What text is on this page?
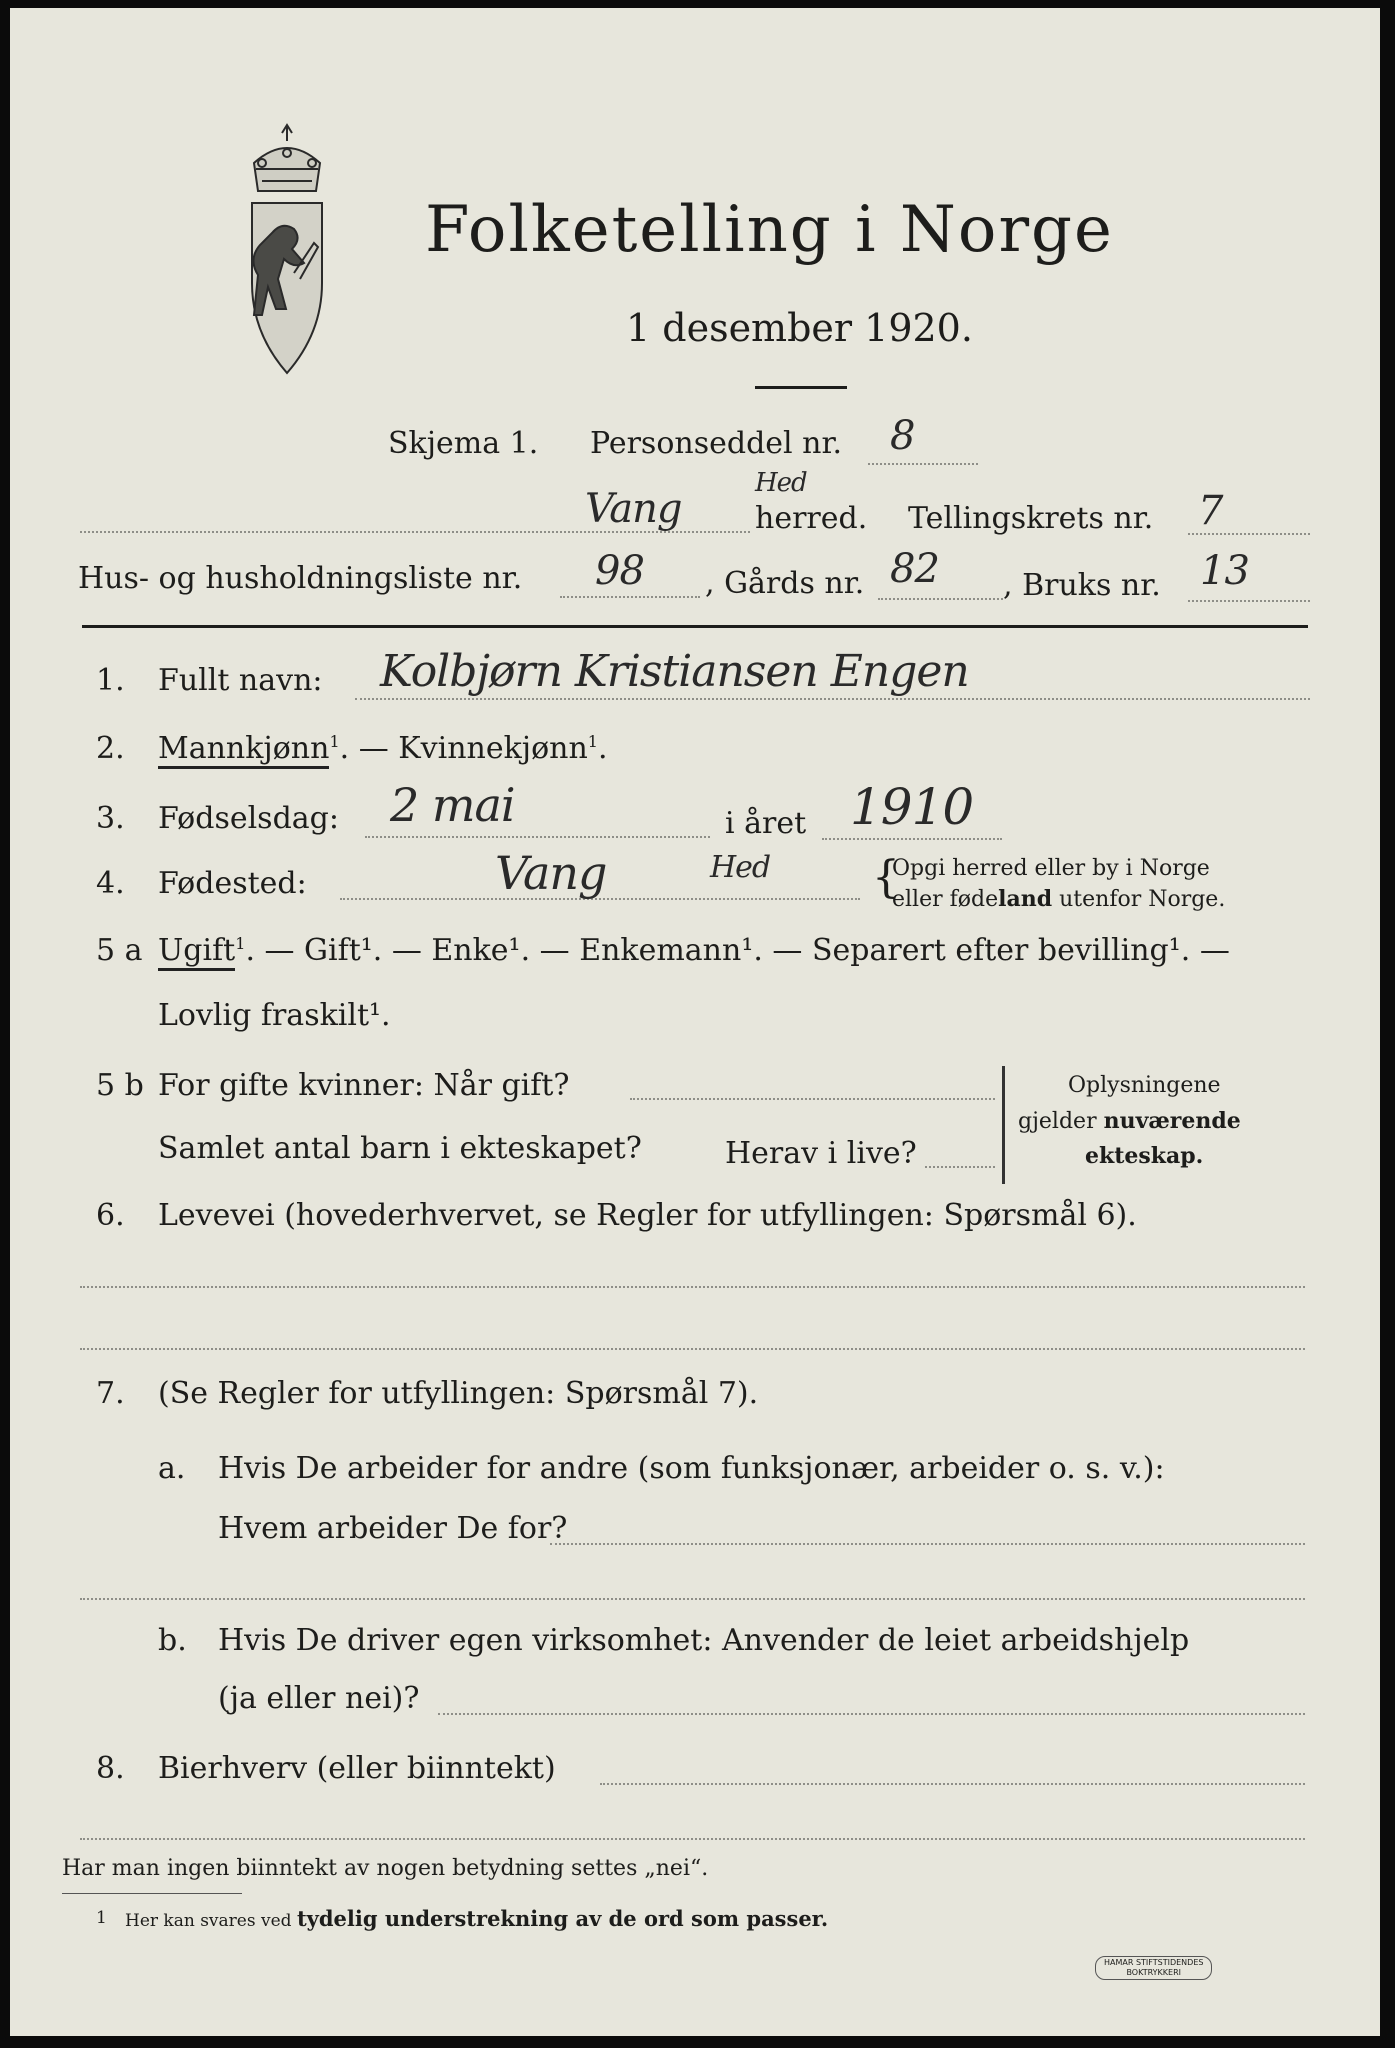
Folketelling i Norge
1 desember 1920.
Skjema 1. Personseddel nr. 8
Vang
Hed
herred. Tellingskrets nr. 7
Hus- og husholdningsliste nr. 98 , Gårds nr. 82 , Bruks nr. 13
1. Fullt navn: Kolbjørn Kristiansen Engen
2. Mannkjønn$^1$. — Kvinnekjønn$^1$.
3. Fødselsdag: 2 mai	i året 1910
4. Fødested:	Vang	Hed {
Opgi herred eller by i Norge
eller fødeland utenfor Norge.
5 a Ugift$^1$. — Gift¹. — Enke¹. — Enkemann¹. — Separert efter bevilling¹. —
Lovlig fraskilt¹.
5 b For gifte kvinner: Når gift?
Samlet antal barn i ekteskapet?	Herav i live?
Oplysningene
gjelder nuværende
ekteskap.
6. Levevei (hovederhvervet, se Regler for utfyllingen: Spørsmål 6).
7. (Se Regler for utfyllingen: Spørsmål 7).
a. Hvis De arbeider for andre (som funksjonær, arbeider o. s. v.):
Hvem arbeider De for?
b. Hvis De driver egen virksomhet: Anvender de leiet arbeidshjelp
(ja eller nei)?
8. Bierhverv (eller biinntekt)
Har man ingen biinntekt av nogen betydning settes „nei“.
1 Her kan svares ved tydelig understrekning av de ord som passer.
HAMAR STIFTSTIDENDES
BOKTRYKKERI
